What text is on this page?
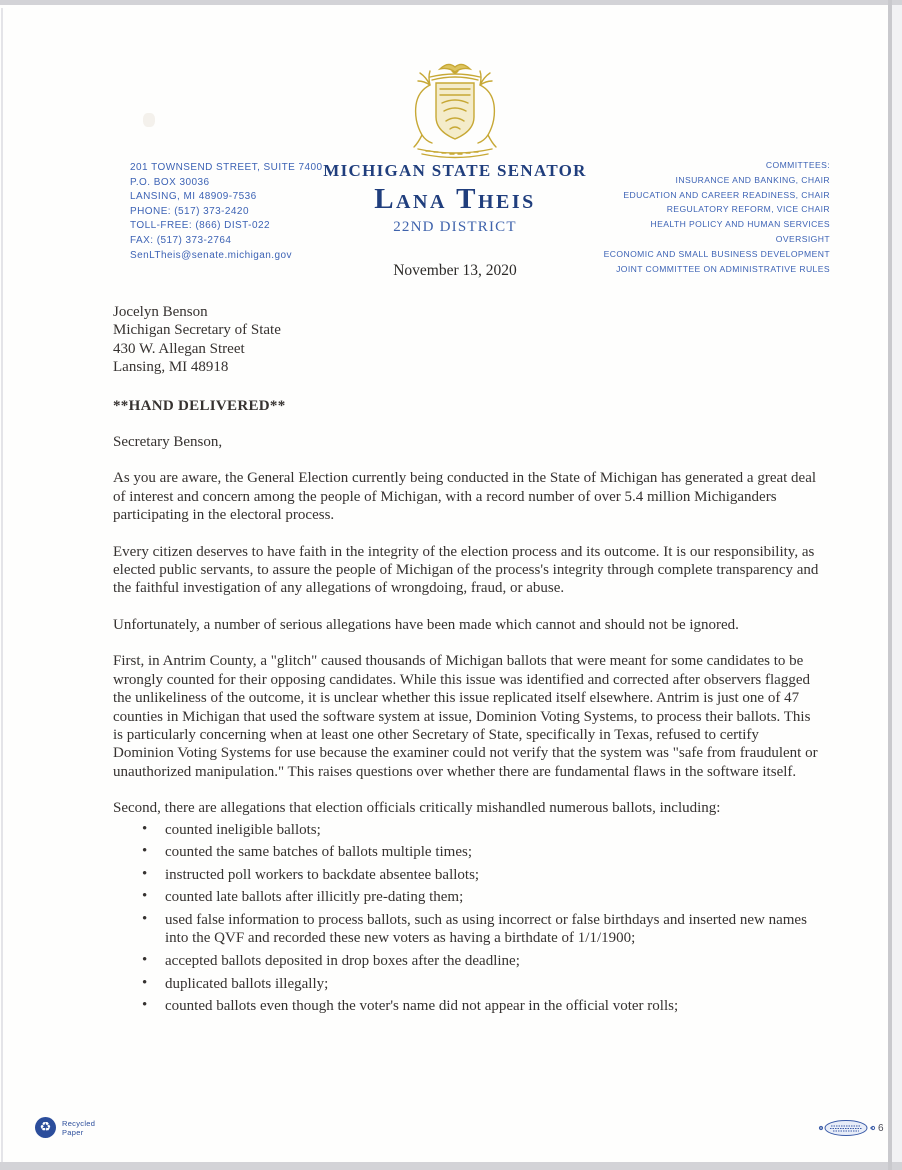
201 TOWNSEND STREET, SUITE 7400
P.O. BOX 30036
LANSING, MI 48909-7536
PHONE: (517) 373-2420
TOLL-FREE: (866) DIST-022
FAX: (517) 373-2764
SenLTheis@senate.michigan.gov
MICHIGAN STATE SENATOR
Lana Theis
22ND DISTRICT
November 13, 2020
COMMITTEES:
INSURANCE AND BANKING, CHAIR
EDUCATION AND CAREER READINESS, CHAIR
REGULATORY REFORM, VICE CHAIR
HEALTH POLICY AND HUMAN SERVICES
OVERSIGHT
ECONOMIC AND SMALL BUSINESS DEVELOPMENT
JOINT COMMITTEE ON ADMINISTRATIVE RULES
Jocelyn Benson
Michigan Secretary of State
430 W. Allegan Street
Lansing, MI 48918

**HAND DELIVERED**

Secretary Benson,

As you are aware, the General Election currently being conducted in the State of Michigan has generated a great deal of interest and concern among the people of Michigan, with a record number of over 5.4 million Michiganders participating in the electoral process.

Every citizen deserves to have faith in the integrity of the election process and its outcome. It is our responsibility, as elected public servants, to assure the people of Michigan of the process's integrity through complete transparency and the faithful investigation of any allegations of wrongdoing, fraud, or abuse.

Unfortunately, a number of serious allegations have been made which cannot and should not be ignored.

First, in Antrim County, a "glitch" caused thousands of Michigan ballots that were meant for some candidates to be wrongly counted for their opposing candidates. While this issue was identified and corrected after observers flagged the unlikeliness of the outcome, it is unclear whether this issue replicated itself elsewhere. Antrim is just one of 47 counties in Michigan that used the software system at issue, Dominion Voting Systems, to process their ballots. This is particularly concerning when at least one other Secretary of State, specifically in Texas, refused to certify Dominion Voting Systems for use because the examiner could not verify that the system was "safe from fraudulent or unauthorized manipulation." This raises questions over whether there are fundamental flaws in the software itself.

Second, there are allegations that election officials critically mishandled numerous ballots, including:

• counted ineligible ballots;
• counted the same batches of ballots multiple times;
• instructed poll workers to backdate absentee ballots;
• counted late ballots after illicitly pre-dating them;
• used false information to process ballots, such as using incorrect or false birthdays and inserted new names into the QVF and recorded these new voters as having a birthdate of 1/1/1900;
• accepted ballots deposited in drop boxes after the deadline;
• duplicated ballots illegally;
• counted ballots even though the voter's name did not appear in the official voter rolls;
♻	Recycled
Paper	6
